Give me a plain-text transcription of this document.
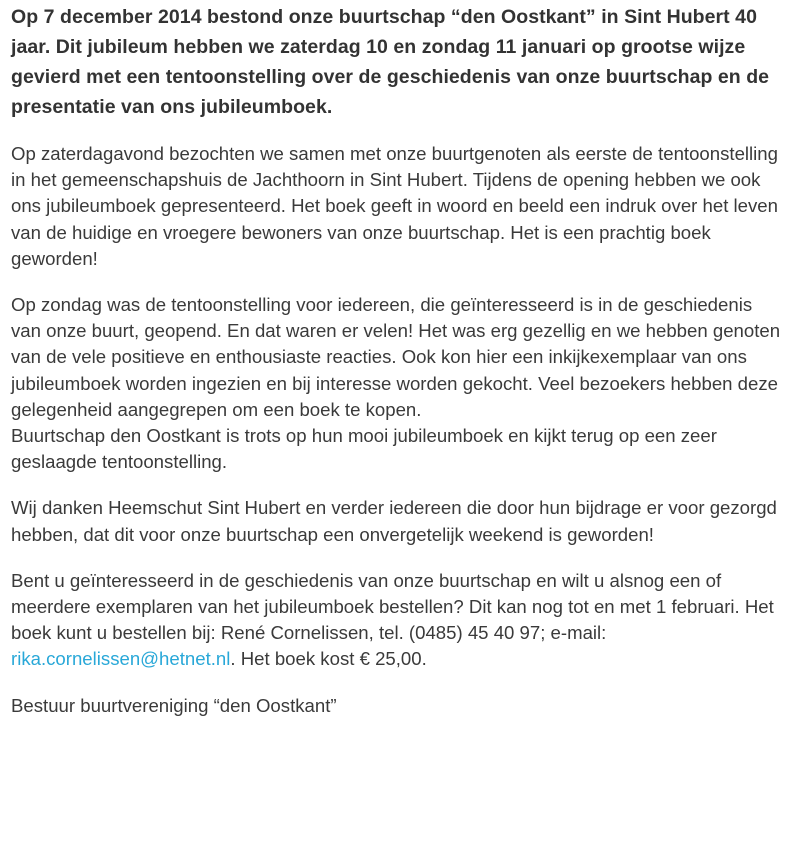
Op 7 december 2014 bestond onze buurtschap “den Oostkant” in Sint Hubert 40 jaar. Dit jubileum hebben we zaterdag 10 en zondag 11 januari op grootse wijze gevierd met een tentoonstelling over de geschiedenis van onze buurtschap en de presentatie van ons jubileumboek.

Op zaterdagavond bezochten we samen met onze buurtgenoten als eerste de tentoonstelling in het gemeenschapshuis de Jachthoorn in Sint Hubert. Tijdens de opening hebben we ook ons jubileumboek gepresenteerd. Het boek geeft in woord en beeld een indruk over het leven van de huidige en vroegere bewoners van onze buurtschap. Het is een prachtig boek geworden!

Op zondag was de tentoonstelling voor iedereen, die geïnteresseerd is in de geschiedenis van onze buurt, geopend. En dat waren er velen! Het was erg gezellig en we hebben genoten van de vele positieve en enthousiaste reacties. Ook kon hier een inkijkexemplaar van ons jubileumboek worden ingezien en bij interesse worden gekocht. Veel bezoekers hebben deze gelegenheid aangegrepen om een boek te kopen.

Buurtschap den Oostkant is trots op hun mooi jubileumboek en kijkt terug op een zeer geslaagde tentoonstelling.

Wij danken Heemschut Sint Hubert en verder iedereen die door hun bijdrage er voor gezorgd hebben, dat dit voor onze buurtschap een onvergetelijk weekend is geworden!

Bent u geïnteresseerd in de geschiedenis van onze buurtschap en wilt u alsnog een of meerdere exemplaren van het jubileumboek bestellen? Dit kan nog tot en met 1 februari. Het boek kunt u bestellen bij: René Cornelissen, tel. (0485) 45 40 97; e-mail: rika.cornelissen@hetnet.nl. Het boek kost € 25,00.

Bestuur buurtvereniging “den Oostkant”
